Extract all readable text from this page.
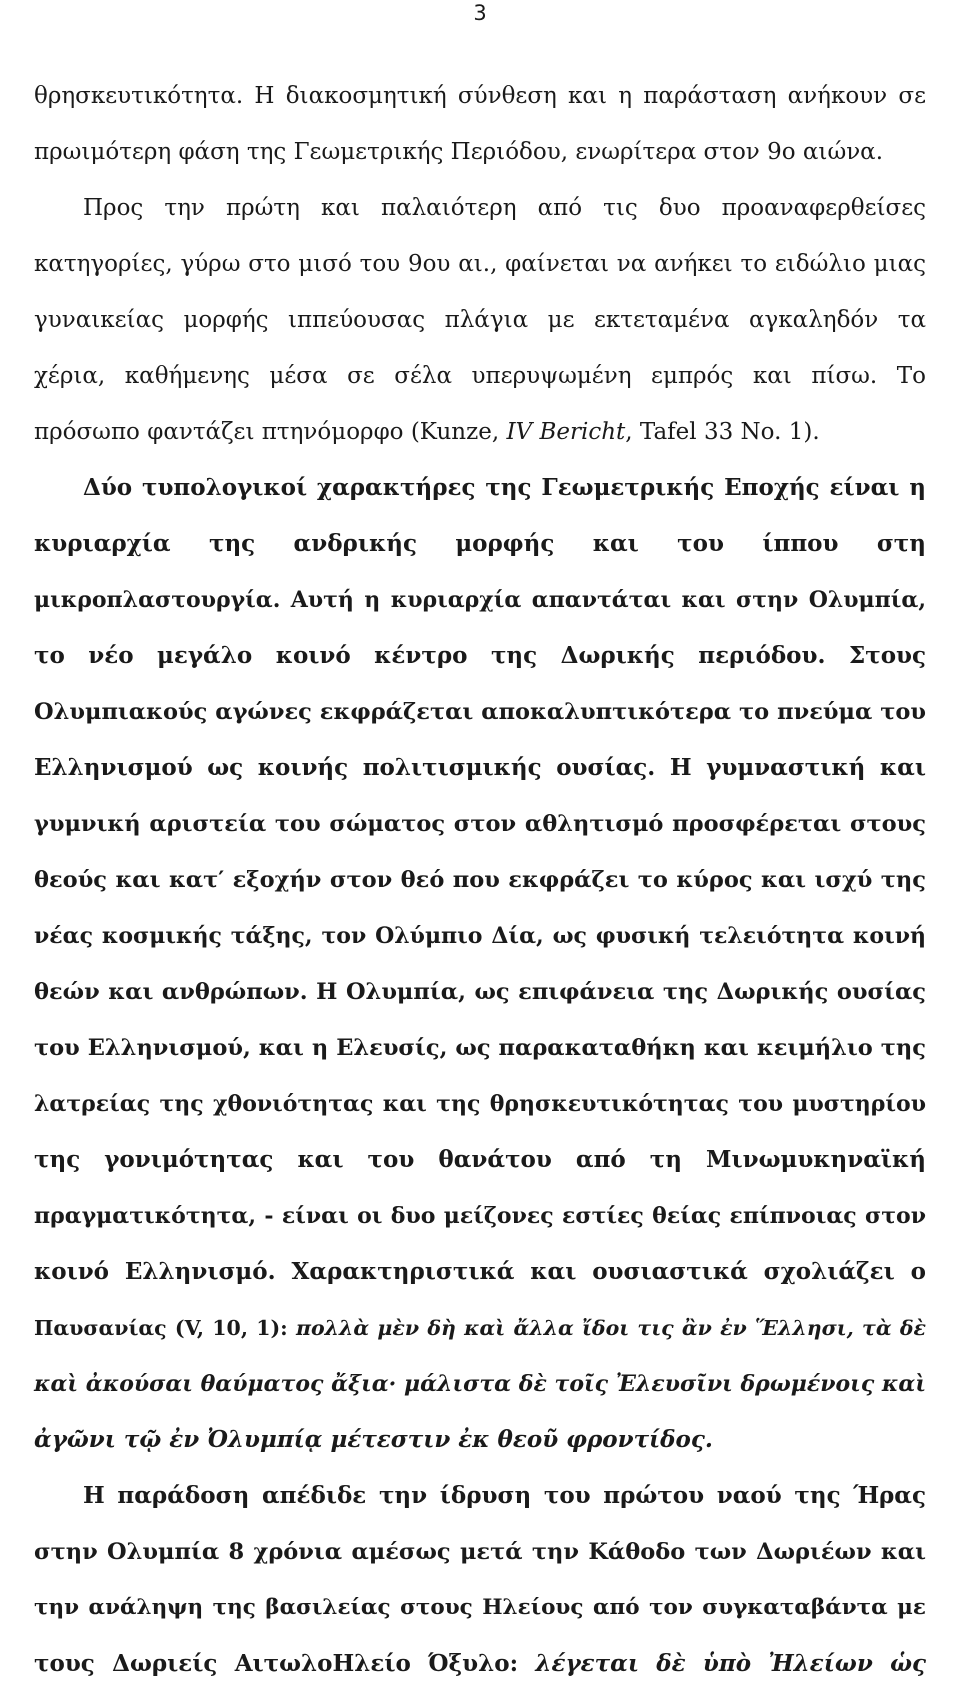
3
θρησκευτικότητα. Η διακοσμητική σύνθεση και η παράσταση ανήκουν σε
πρωιμότερη φάση της Γεωμετρικής Περιόδου, ενωρίτερα στον 9ο αιώνα.
Προς την πρώτη και παλαιότερη από τις δυο προαναφερθείσες
κατηγορίες, γύρω στο μισό του 9ου αι., φαίνεται να ανήκει το ειδώλιο μιας
γυναικείας μορφής ιππεύουσας πλάγια με εκτεταμένα αγκαληδόν τα
χέρια, καθήμενης μέσα σε σέλα υπερυψωμένη εμπρός και πίσω. Το
πρόσωπο φαντάζει πτηνόμορφο (Kunze, IV Bericht, Tafel 33 No. 1).
Δύο τυπολογικοί χαρακτήρες της Γεωμετρικής Εποχής είναι η
κυριαρχία της ανδρικής μορφής και του ίππου στη
μικροπλαστουργία. Αυτή η κυριαρχία απαντάται και στην Ολυμπία,
το νέο μεγάλο κοινό κέντρο της Δωρικής περιόδου. Στους
Ολυμπιακούς αγώνες εκφράζεται αποκαλυπτικότερα το πνεύμα του
Ελληνισμού ως κοινής πολιτισμικής ουσίας. Η γυμναστική και
γυμνική αριστεία του σώματος στον αθλητισμό προσφέρεται στους
θεούς και κατ′ εξοχήν στον θεό που εκφράζει το κύρος και ισχύ της
νέας κοσμικής τάξης, τον Ολύμπιο Δία, ως φυσική τελειότητα κοινή
θεών και ανθρώπων. Η Ολυμπία, ως επιφάνεια της Δωρικής ουσίας
του Ελληνισμού, και η Ελευσίς, ως παρακαταθήκη και κειμήλιο της
λατρείας της χθονιότητας και της θρησκευτικότητας του μυστηρίου
της γονιμότητας και του θανάτου από τη Μινωμυκηναϊκή
πραγματικότητα, - είναι οι δυο μείζονες εστίες θείας επίπνοιας στον
κοινό Ελληνισμό. Χαρακτηριστικά και ουσιαστικά σχολιάζει ο
Παυσανίας (V, 10, 1): πολλὰ μὲν δὴ καὶ ἄλλα ἴδοι τις ἂν ἐν Ἕλλησι, τὰ δὲ
καὶ ἀκούσαι θαύματος ἄξια· μάλιστα δὲ τοῖς Ἐλευσῖνι δρωμένοις καὶ
ἀγῶνι τῷ ἐν Ὀλυμπίᾳ μέτεστιν ἐκ θεοῦ φροντίδος.
Η παράδοση απέδιδε την ίδρυση του πρώτου ναού της Ήρας
στην Ολυμπία 8 χρόνια αμέσως μετά την Κάθοδο των Δωριέων και
την ανάληψη της βασιλείας στους Ηλείους από τον συγκαταβάντα με
τους Δωριείς ΑιτωλοΗλείο Όξυλο: λέγεται δὲ ὑπὸ Ἠλείων ὡς
